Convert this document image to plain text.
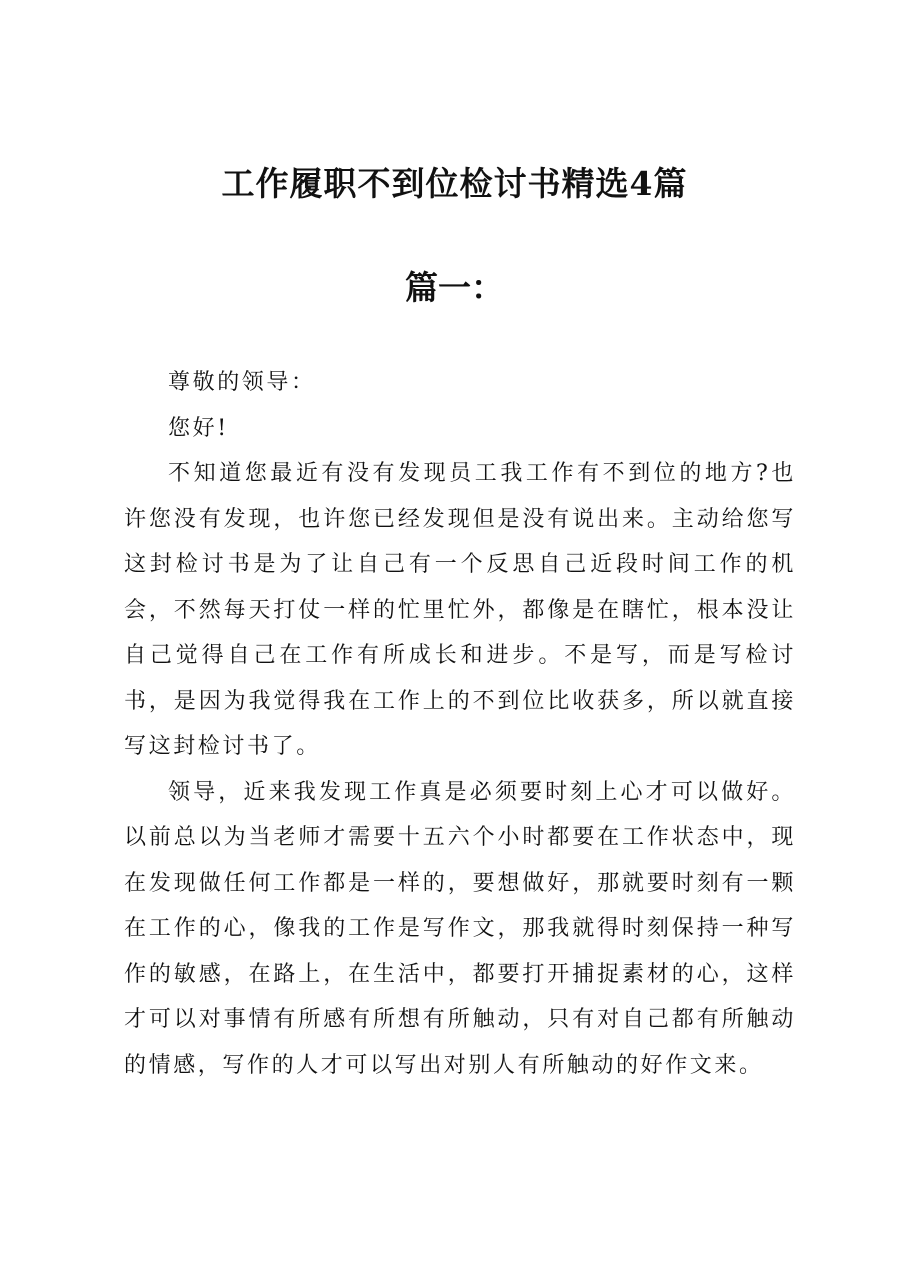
工作履职不到位检讨书精选4篇
篇一：

尊敬的领导：

您好!

不知道您最近有没有发现员工我工作有不到位的地方?也许您没有发现，也许您已经发现但是没有说出来。主动给您写这封检讨书是为了让自己有一个反思自己近段时间工作的机会，不然每天打仗一样的忙里忙外，都像是在瞎忙，根本没让自己觉得自己在工作有所成长和进步。不是写，而是写检讨书，是因为我觉得我在工作上的不到位比收获多，所以就直接写这封检讨书了。

领导，近来我发现工作真是必须要时刻上心才可以做好。以前总以为当老师才需要十五六个小时都要在工作状态中，现在发现做任何工作都是一样的，要想做好，那就要时刻有一颗在工作的心，像我的工作是写作文，那我就得时刻保持一种写作的敏感，在路上，在生活中，都要打开捕捉素材的心，这样才可以对事情有所感有所想有所触动，只有对自己都有所触动的情感，写作的人才可以写出对别人有所触动的好作文来。
